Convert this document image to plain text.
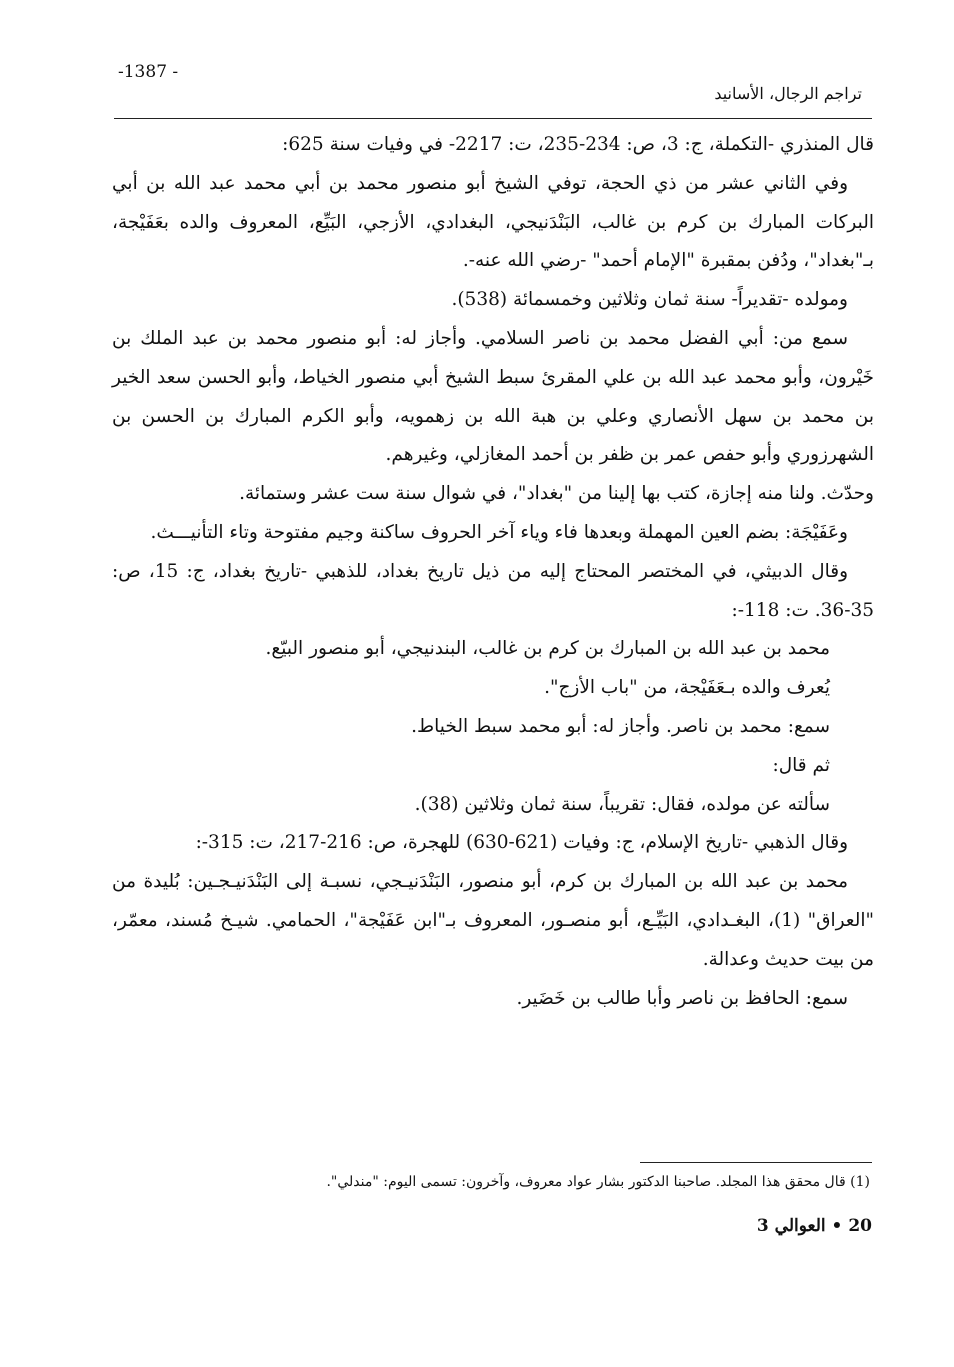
-1387 -
تراجم الرجال، الأسانيد

قال المنذري -التكملة، ج: 3، ص: 234-235، ت: 2217- في وفيات سنة 625:

وفي الثاني عشر من ذي الحجة، توفي الشيخ أبو منصور محمد بن أبي محمد عبد الله بن أبي البركات المبارك بن كرم بن غالب، البَنْدَنيجي، البغدادي، الأزجي، البَيِّع، المعروف والده بعَفَيْجة، بـ"بغداد"، ودُفن بمقبرة "الإمام أحمد" -رضي الله عنه-.

ومولده -تقديراً- سنة ثمان وثلاثين وخمسمائة (538).

سمع من: أبي الفضل محمد بن ناصر السلامي. وأجاز له: أبو منصور محمد بن عبد الملك بن خَيْرون، وأبو محمد عبد الله بن علي المقرئ سبط الشيخ أبي منصور الخياط، وأبو الحسن سعد الخير بن محمد بن سهل الأنصاري وعلي بن هبة الله بن زهمويه، وأبو الكرم المبارك بن الحسن بن الشهرزوري وأبو حفص عمر بن ظفر بن أحمد المغازلي، وغيرهم.

وحدّث. ولنا منه إجازة، كتب بها إلينا من "بغداد"، في شوال سنة ست عشر وستمائة.

وعَفَيْجَة: بضم العين المهملة وبعدها فاء وياء آخر الحروف ساكنة وجيم مفتوحة وتاء التأنيـــث.

وقال الدبيثي، في المختصر المحتاج إليه من ذيل تاريخ بغداد، للذهبي -تاريخ بغداد، ج: 15، ص: 35-36. ت: 118-:

محمد بن عبد الله بن المبارك بن كرم بن غالب، البندنيجي، أبو منصور البيّع.

يُعرف والده بـعَفَيْجة، من "باب الأزج".

سمع: محمد بن ناصر. وأجاز له: أبو محمد سبط الخياط.

ثم قال:

سألته عن مولده، فقال: تقريباً، سنة ثمان وثلاثين (38).

وقال الذهبي -تاريخ الإسلام، ج: وفيات (621-630) للهجرة، ص: 216-217، ت: 315-:

محمد بن عبد الله بن المبارك بن كرم، أبو منصور، البَنْدَنيـجي، نسبـة إلى البَنْدَنيـجـين: بُليدة من "العراق" (1)، البغـدادي، البَيِّـع، أبو منصـور، المعروف بـ"ابن عَفَيْجة"، الحمامي. شيـخ مُسند، معمّر، من بيت حديث وعدالة.

سمع: الحافظ بن ناصر وأبا طالب بن خَضَير.

(1) قال محقق هذا المجلد. صاحبنا الدكتور بشار عواد معروف، وآخرون: تسمى اليوم: "مندلي".
20 • العوالي 3
